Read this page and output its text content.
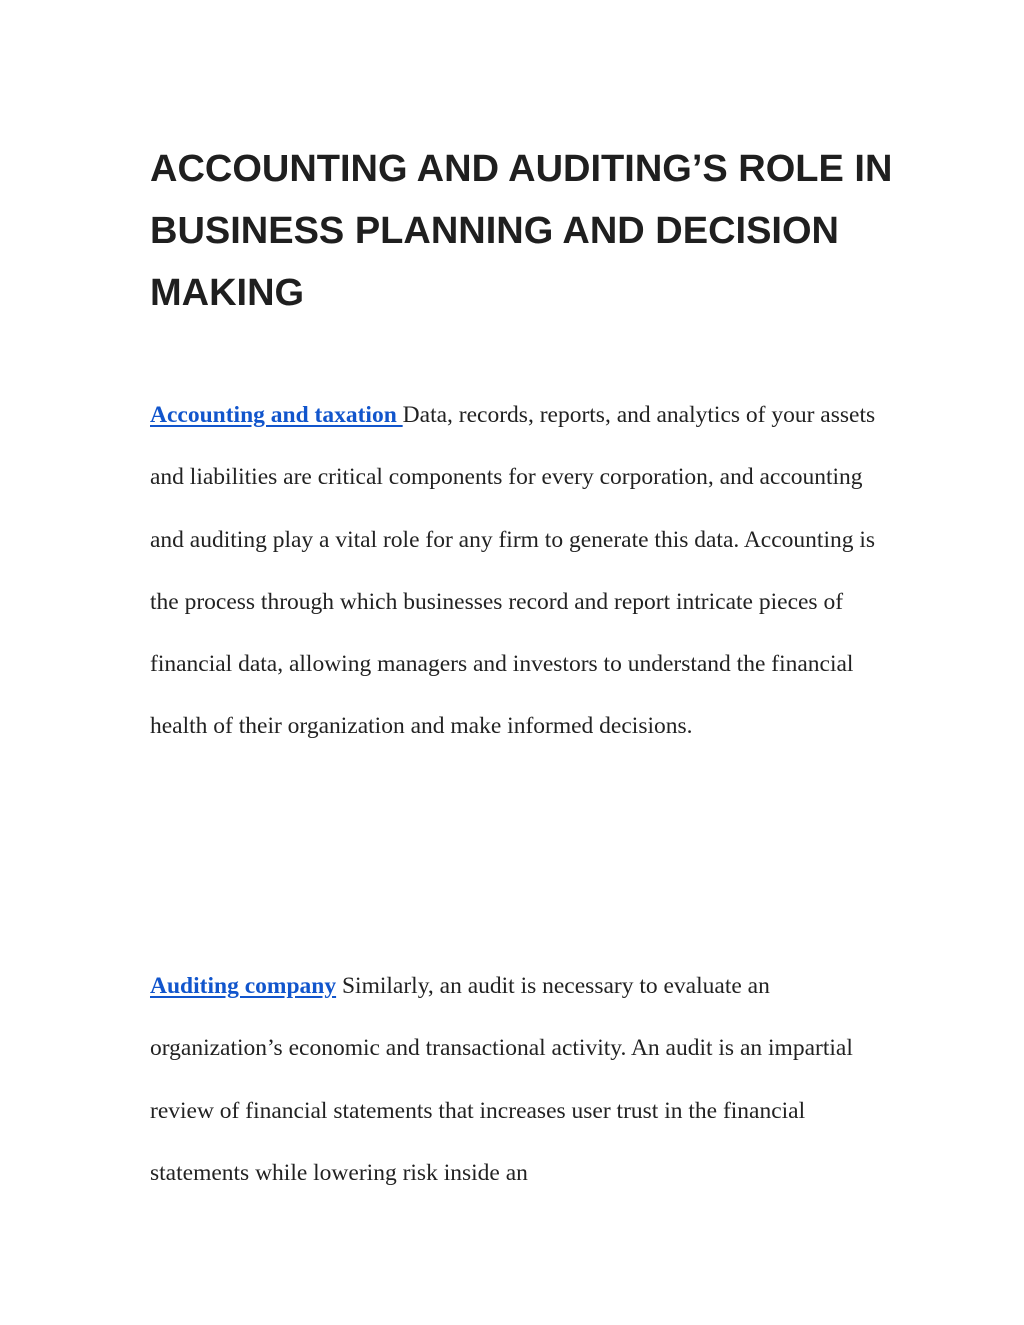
ACCOUNTING AND AUDITING’S ROLE IN BUSINESS PLANNING AND DECISION MAKING

Accounting and taxation Data, records, reports, and analytics of your assets and liabilities are critical components for every corporation, and accounting and auditing play a vital role for any firm to generate this data. Accounting is the process through which businesses record and report intricate pieces of financial data, allowing managers and investors to understand the financial health of their organization and make informed decisions.

Auditing company Similarly, an audit is necessary to evaluate an organization’s economic and transactional activity. An audit is an impartial review of financial statements that increases user trust in the financial statements while lowering risk inside an
